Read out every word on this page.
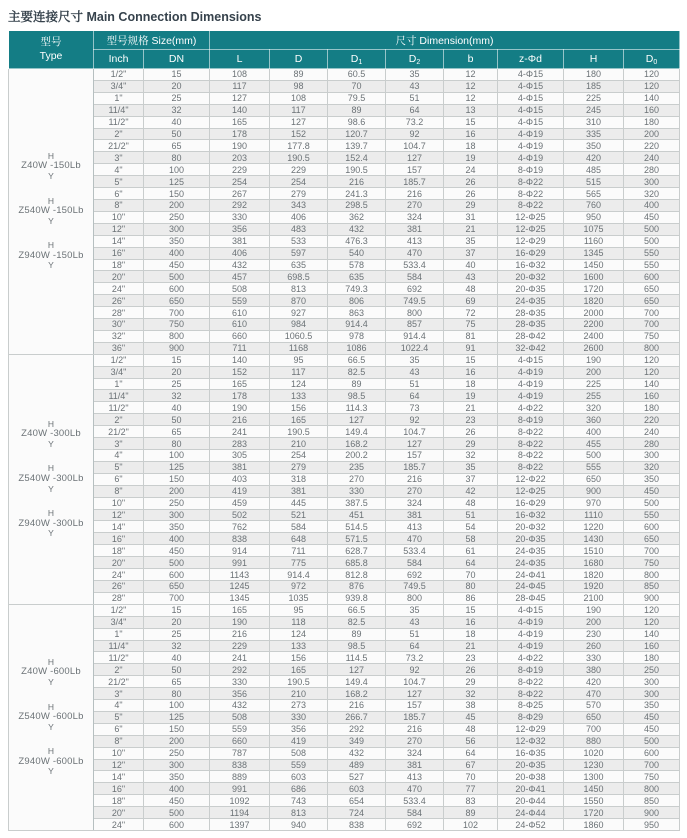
主要连接尺寸 Main Connection Dimensions
型号
Type	型号规格 Size(mm)		尺寸 Dimension(mm)							
	Inch	DN	L	D	$D_1$	$D_2$	b	z-Φd	H	$D_0$

H
Z40W -150Lb
Y
H
Z540W -150Lb
Y
H
Z940W -150Lb
Y
	1/2"	15	108	89	60.5	35	12	4-Φ15	180	120
	3/4"	20	117	98	70	43	12	4-Φ15	185	120
	1"	25	127	108	79.5	51	12	4-Φ15	225	140
	11/4"	32	140	117	89	64	13	4-Φ15	245	160
	11/2"	40	165	127	98.6	73.2	15	4-Φ15	310	180
	2"	50	178	152	120.7	92	16	4-Φ19	335	200
	21/2"	65	190	177.8	139.7	104.7	18	4-Φ19	350	220
	3"	80	203	190.5	152.4	127	19	4-Φ19	420	240
	4"	100	229	229	190.5	157	24	8-Φ19	485	280
	5"	125	254	254	216	185.7	26	8-Φ22	515	300
	6"	150	267	279	241.3	216	26	8-Φ22	565	320
	8"	200	292	343	298.5	270	29	8-Φ22	760	400
	10"	250	330	406	362	324	31	12-Φ25	950	450
	12"	300	356	483	432	381	21	12-Φ25	1075	500
	14"	350	381	533	476.3	413	35	12-Φ29	1160	500
	16"	400	406	597	540	470	37	16-Φ29	1345	550
	18"	450	432	635	578	533.4	40	16-Φ32	1450	550
	20"	500	457	698.5	635	584	43	20-Φ32	1600	600
	24"	600	508	813	749.3	692	48	20-Φ35	1720	650
	26"	650	559	870	806	749.5	69	24-Φ35	1820	650
	28"	700	610	927	863	800	72	28-Φ35	2000	700
	30"	750	610	984	914.4	857	75	28-Φ35	2200	700
	32"	800	660	1060.5	978	914.4	81	28-Φ42	2400	750
	36"	900	711	1168	1086	1022.4	91	32-Φ42	2600	800

H
Z40W -300Lb
Y
H
Z540W -300Lb
Y
H
Z940W -300Lb
Y
	1/2"	15	140	95	66.5	35	15	4-Φ15	190	120
	3/4"	20	152	117	82.5	43	16	4-Φ19	200	120
	1"	25	165	124	89	51	18	4-Φ19	225	140
	11/4"	32	178	133	98.5	64	19	4-Φ19	255	160
	11/2"	40	190	156	114.3	73	21	4-Φ22	320	180
	2"	50	216	165	127	92	23	8-Φ19	360	220
	21/2"	65	241	190.5	149.4	104.7	26	8-Φ22	400	240
	3"	80	283	210	168.2	127	29	8-Φ22	455	280
	4"	100	305	254	200.2	157	32	8-Φ22	500	300
	5"	125	381	279	235	185.7	35	8-Φ22	555	320
	6"	150	403	318	270	216	37	12-Φ22	650	350
	8"	200	419	381	330	270	42	12-Φ25	900	450
	10"	250	459	445	387.5	324	48	16-Φ29	970	500
	12"	300	502	521	451	381	51	16-Φ32	1110	550
	14"	350	762	584	514.5	413	54	20-Φ32	1220	600
	16"	400	838	648	571.5	470	58	20-Φ35	1430	650
	18"	450	914	711	628.7	533.4	61	24-Φ35	1510	700
	20"	500	991	775	685.8	584	64	24-Φ35	1680	750
	24"	600	1143	914.4	812.8	692	70	24-Φ41	1820	800
	26"	650	1245	972	876	749.5	80	24-Φ45	1920	850
	28"	700	1345	1035	939.8	800	86	28-Φ45	2100	900

H
Z40W -600Lb
Y
H
Z540W -600Lb
Y
H
Z940W -600Lb
Y
	1/2"	15	165	95	66.5	35	15	4-Φ15	190	120
	3/4"	20	190	118	82.5	43	16	4-Φ19	200	120
	1"	25	216	124	89	51	18	4-Φ19	230	140
	11/4"	32	229	133	98.5	64	21	4-Φ19	260	160
	11/2"	40	241	156	114.5	73.2	23	4-Φ22	330	180
	2"	50	292	165	127	92	26	8-Φ19	380	250
	21/2"	65	330	190.5	149.4	104.7	29	8-Φ22	420	300
	3"	80	356	210	168.2	127	32	8-Φ22	470	300
	4"	100	432	273	216	157	38	8-Φ25	570	350
	5"	125	508	330	266.7	185.7	45	8-Φ29	650	450
	6"	150	559	356	292	216	48	12-Φ29	700	450
	8"	200	660	419	349	270	56	12-Φ32	880	500
	10"	250	787	508	432	324	64	16-Φ35	1020	600
	12"	300	838	559	489	381	67	20-Φ35	1230	700
	14"	350	889	603	527	413	70	20-Φ38	1300	750
	16"	400	991	686	603	470	77	20-Φ41	1450	800
	18"	450	1092	743	654	533.4	83	20-Φ44	1550	850
	20"	500	1194	813	724	584	89	24-Φ44	1720	900
	24"	600	1397	940	838	692	102	24-Φ52	1860	950
